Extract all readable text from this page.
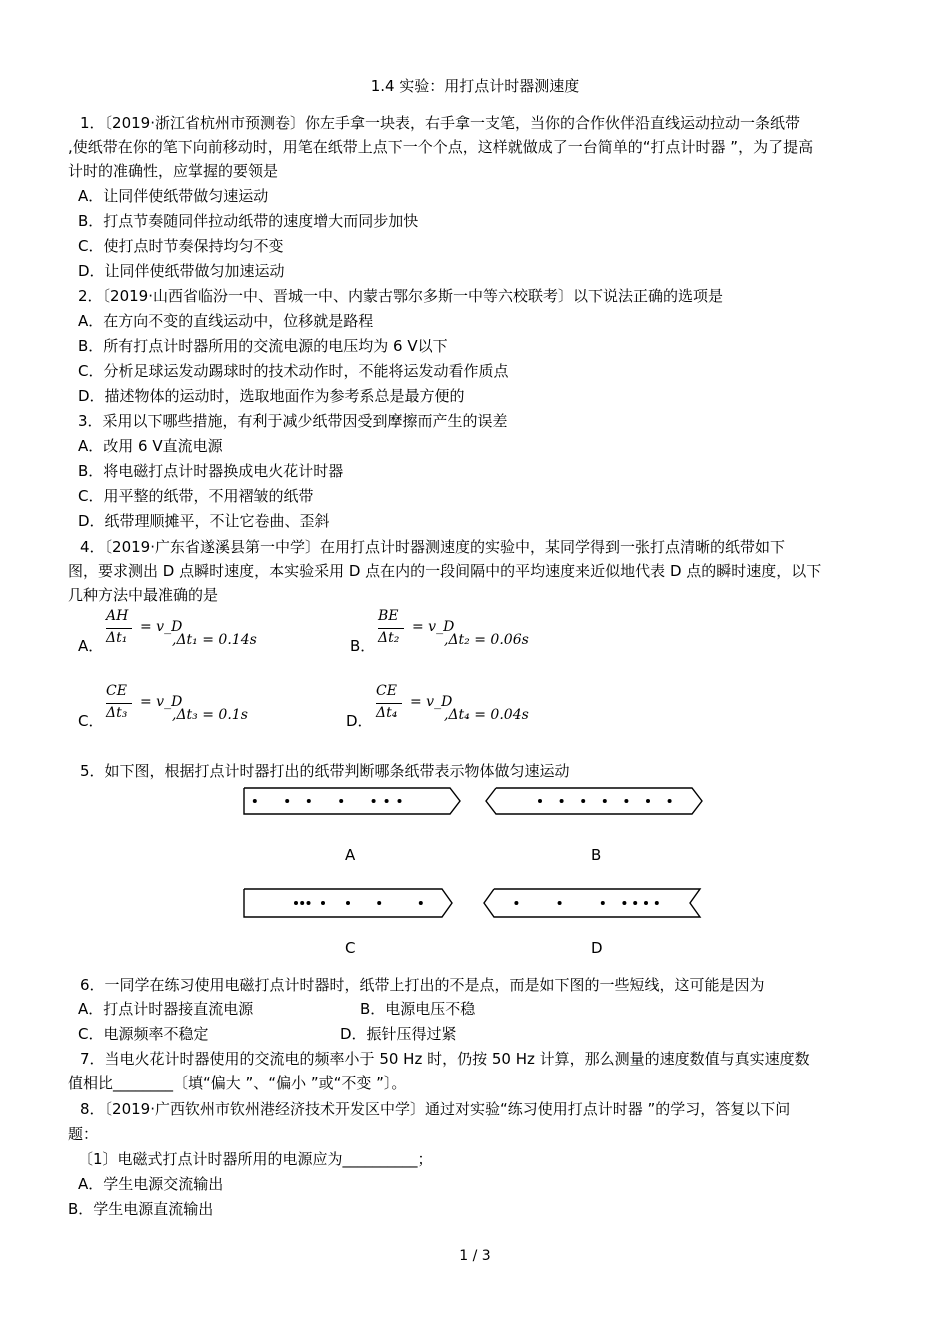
1.4 实验：用打点计时器测速度
1．〔2019·浙江省杭州市预测卷〕你左手拿一块表，右手拿一支笔，当你的合作伙伴沿直线运动拉动一条纸带
,使纸带在你的笔下向前移动时，用笔在纸带上点下一个个点，这样就做成了一台简单的“打点计时器 ”，为了提高
计时的准确性，应掌握的要领是
A．让同伴使纸带做匀速运动
B．打点节奏随同伴拉动纸带的速度增大而同步加快
C．使打点时节奏保持均匀不变
D．让同伴使纸带做匀加速运动
2．〔2019·山西省临汾一中、晋城一中、内蒙古鄂尔多斯一中等六校联考〕以下说法正确的选项是
A．在方向不变的直线运动中，位移就是路程
B．所有打点计时器所用的交流电源的电压均为 6 V以下
C．分析足球运发动踢球时的技术动作时，不能将运发动看作质点
D．描述物体的运动时，选取地面作为参考系总是最方便的
3．采用以下哪些措施，有利于减少纸带因受到摩擦而产生的误差
A．改用 6 V直流电源
B．将电磁打点计时器换成电火花计时器
C．用平整的纸带，不用褶皱的纸带
D．纸带理顺摊平，不让它卷曲、歪斜
4．〔2019·广东省遂溪县第一中学〕在用打点计时器测速度的实验中，某同学得到一张打点清晰的纸带如下
图，要求测出 D 点瞬时速度，本实验采用 D 点在内的一段间隔中的平均速度来近似地代表 D 点的瞬时速度，以下
几种方法中最准确的是
A．
AH
Δt₁
= v_D
,Δt₁ = 0.14s	B．
BE
Δt₂
= v_D
,Δt₂ = 0.06s
C．
CE
Δt₃
= v_D
,Δt₃ = 0.1s	D．
CE
Δt₄
= v_D
,Δt₄ = 0.04s
5．如下图，根据打点计时器打出的纸带判断哪条纸带表示物体做匀速运动
A	B
C	D
6．一同学在练习使用电磁打点计时器时，纸带上打出的不是点，而是如下图的一些短线，这可能是因为
A．打点计时器接直流电源	B．电源电压不稳
C．电源频率不稳定	D．振针压得过紧
7．当电火花计时器使用的交流电的频率小于 50 Hz 时，仍按 50 Hz 计算，那么测量的速度数值与真实速度数
值相比________〔填“偏大 ”、“偏小 ”或“不变 ”〕。
8．〔2019·广西钦州市钦州港经济技术开发区中学〕通过对实验“练习使用打点计时器 ”的学习，答复以下问
题：
〔1〕电磁式打点计时器所用的电源应为__________；
A．学生电源交流输出
B．学生电源直流输出
1 / 3
